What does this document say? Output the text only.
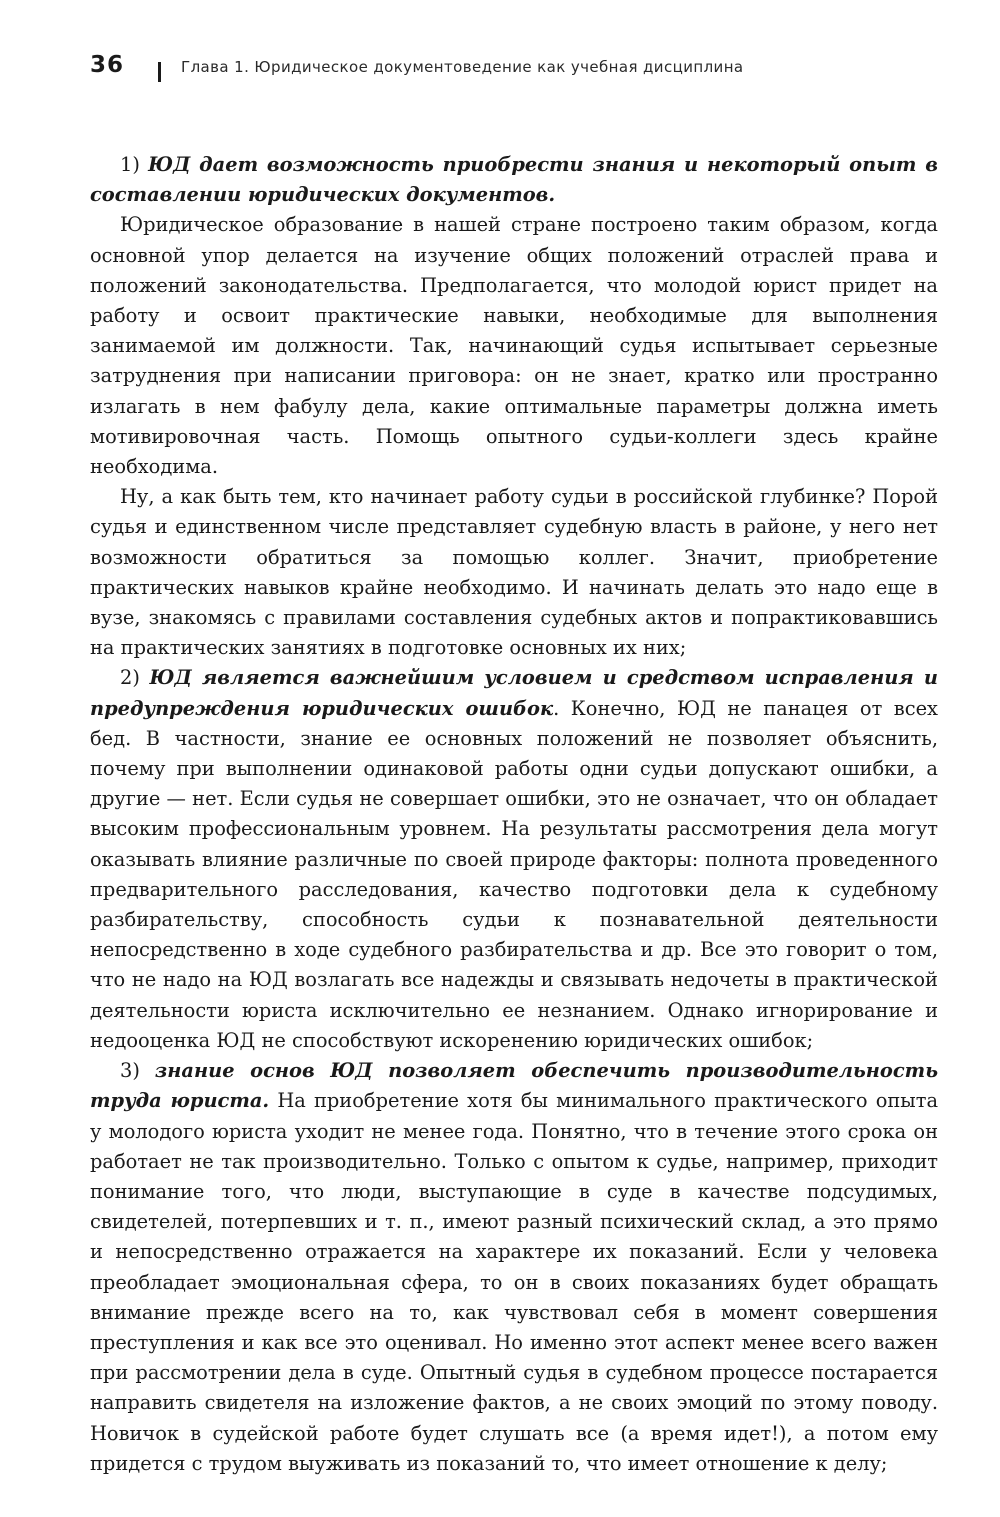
36	Глава 1. Юридическое документоведение как учебная дисциплина

1) ЮД дает возможность приобрести знания и некоторый опыт в составлении юридических документов.

Юридическое образование в нашей стране построено таким образом, когда основной упор делается на изучение общих положений отраслей права и положений законодательства. Предполагается, что молодой юрист придет на работу и освоит практические навыки, необходимые для выполнения занимаемой им должности. Так, начинающий судья испытывает серьезные затруднения при написании приговора: он не знает, кратко или пространно излагать в нем фабулу дела, какие оптимальные параметры должна иметь мотивировочная часть. Помощь опытного судьи-коллеги здесь крайне необходима.

Ну, а как быть тем, кто начинает работу судьи в российской глубинке? Порой судья и единственном числе представляет судебную власть в районе, у него нет возможности обратиться за помощью коллег. Значит, приобретение практических навыков крайне необходимо. И начинать делать это надо еще в вузе, знакомясь с правилами составления судебных актов и попрактиковавшись на практических занятиях в подготовке основных их них;

2) ЮД является важнейшим условием и средством исправления и предупреждения юридических ошибок. Конечно, ЮД не панацея от всех бед. В частности, знание ее основных положений не позволяет объяснить, почему при выполнении одинаковой работы одни судьи допускают ошибки, а другие — нет. Если судья не совершает ошибки, это не означает, что он обладает высоким профессиональным уровнем. На результаты рассмотрения дела могут оказывать влияние различные по своей природе факторы: полнота проведенного предварительного расследования, качество подготовки дела к судебному разбирательству, способность судьи к познавательной деятельности непосредственно в ходе судебного разбирательства и др. Все это говорит о том, что не надо на ЮД возлагать все надежды и связывать недочеты в практической деятельности юриста исключительно ее незнанием. Однако игнорирование и недооценка ЮД не способствуют искоренению юридических ошибок;

3) знание основ ЮД позволяет обеспечить производительность труда юриста. На приобретение хотя бы минимального практического опыта у молодого юриста уходит не менее года. Понятно, что в течение этого срока он работает не так производительно. Только с опытом к судье, например, приходит понимание того, что люди, выступающие в суде в качестве подсудимых, свидетелей, потерпевших и т. п., имеют разный психический склад, а это прямо и непосредственно отражается на характере их показаний. Если у человека преобладает эмоциональная сфера, то он в своих показаниях будет обращать внимание прежде всего на то, как чувствовал себя в момент совершения преступления и как все это оценивал. Но именно этот аспект менее всего важен при рассмотрении дела в суде. Опытный судья в судебном процессе постарается направить свидетеля на изложение фактов, а не своих эмоций по этому поводу. Новичок в судейской работе будет слушать все (а время идет!), а потом ему придется с трудом выуживать из показаний то, что имеет отношение к делу;
